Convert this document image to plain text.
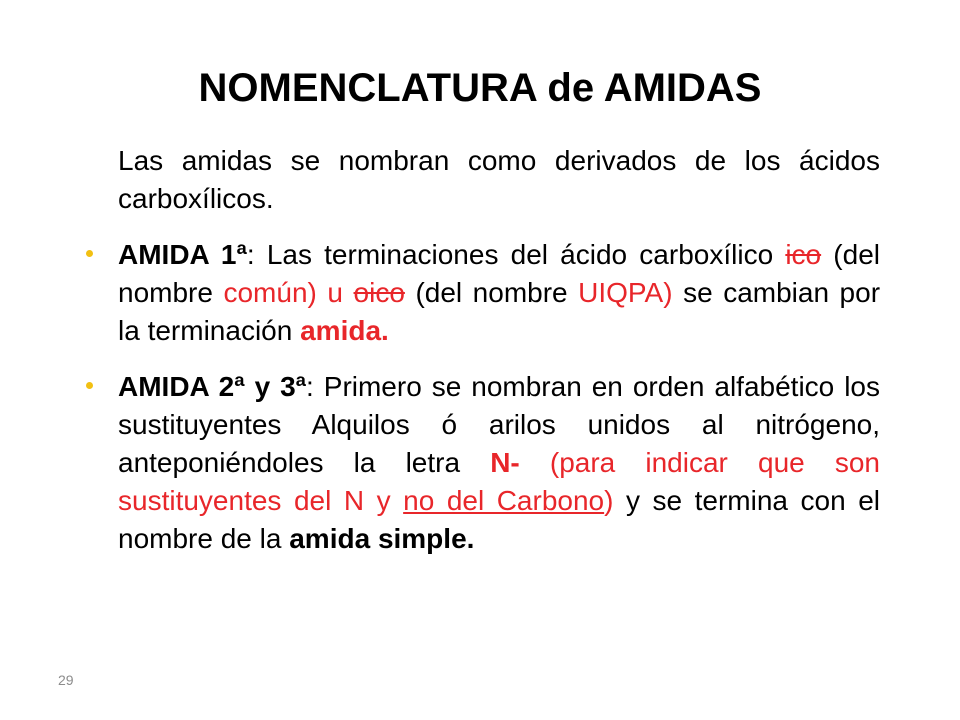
NOMENCLATURA de AMIDAS

Las amidas se nombran como derivados de los ácidos carboxílicos.

AMIDA 1ª: Las terminaciones del ácido carboxílico ico (del nombre común) u oico (del nombre UIQPA) se cambian por la terminación amida.
AMIDA 2ª y 3ª: Primero se nombran en orden alfabético los sustituyentes Alquilos ó arilos unidos al nitrógeno, anteponiéndoles la letra N- (para indicar que son sustituyentes del N y no del Carbono) y se termina con el nombre de la amida simple.
29
